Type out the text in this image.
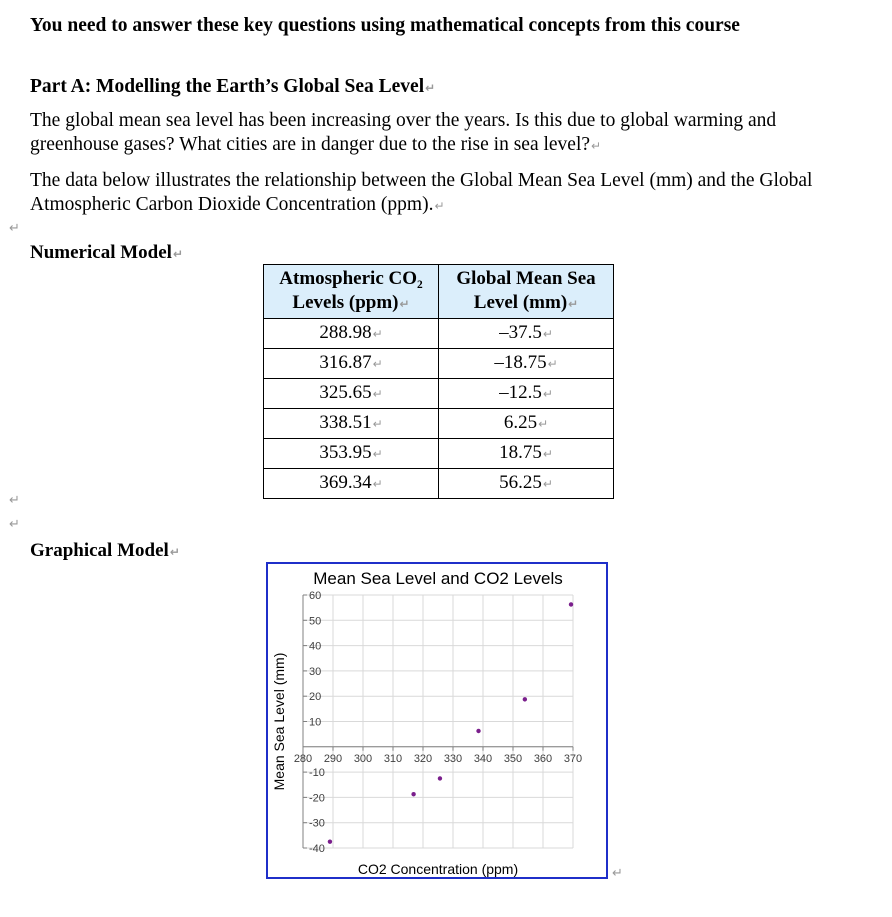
You need to answer these key questions using mathematical concepts from this course
Part A: Modelling the Earth’s Global Sea Level↵
The global mean sea level has been increasing over the years. Is this due to global warming and greenhouse gases? What cities are in danger due to the rise in sea level?↵
The data below illustrates the relationship between the Global Mean Sea Level (mm) and the Global Atmospheric Carbon Dioxide Concentration (ppm).↵
↵
↵
↵
Numerical Model↵
Atmospheric CO₂ Levels (ppm)↵	Global Mean Sea Level (mm)↵
288.98↵	–37.5↵
316.87↵	–18.75↵
325.65↵	–12.5↵
338.51↵	6.25↵
353.95↵	18.75↵
369.34↵	56.25↵
Graphical Model↵
280 290 300 310 320 330 340 350 360 370
-40
-30
-20
-10
10
20
30
40
50
60
Mean Sea Level and CO2 Levels
CO2 Concentration (ppm)
Mean Sea Level (mm)
↵
